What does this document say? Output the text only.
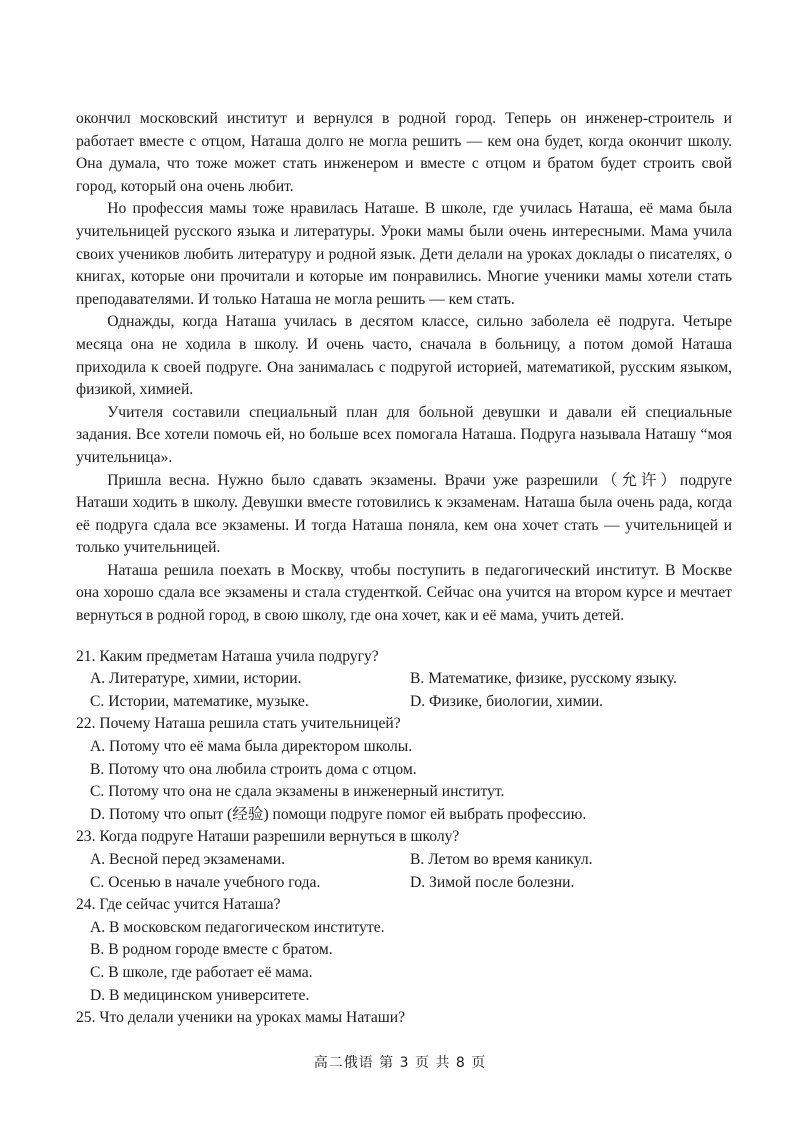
окончил московский институт и вернулся в родной город. Теперь он инженер-строитель и работает вместе с отцом, Наташа долго не могла решить — кем она будет, когда окончит школу. Она думала, что тоже может стать инженером и вместе с отцом и братом будет строить свой город, который она очень любит.

Но профессия мамы тоже нравилась Наташе. В школе, где училась Наташа, её мама была учительницей русского языка и литературы. Уроки мамы были очень интересными. Мама учила своих учеников любить литературу и родной язык. Дети делали на уроках доклады о писателях, о книгах, которые они прочитали и которые им понравились. Многие ученики мамы хотели стать преподавателями. И только Наташа не могла решить — кем стать.

Однажды, когда Наташа училась в десятом классе, сильно заболела её подруга. Четыре месяца она не ходила в школу. И очень часто, сначала в больницу, а потом домой Наташа приходила к своей подруге. Она занималась с подругой историей, математикой, русским языком, физикой, химией.

Учителя составили специальный план для больной девушки и давали ей специальные задания. Все хотели помочь ей, но больше всех помогала Наташа. Подруга называла Наташу “моя учительница».

Пришла весна. Нужно было сдавать экзамены. Врачи уже разрешили（允许）подруге Наташи ходить в школу. Девушки вместе готовились к экзаменам. Наташа была очень рада, когда её подруга сдала все экзамены. И тогда Наташа поняла, кем она хочет стать — учительницей и только учительницей.

Наташа решила поехать в Москву, чтобы поступить в педагогический институт. В Москве она хорошо сдала все экзамены и стала студенткой. Сейчас она учится на втором курсе и мечтает вернуться в родной город, в свою школу, где она хочет, как и её мама, учить детей.

21. Каким предметам Наташа учила подругу?

A. Литературе, химии, истории.	B. Математике, физике, русскому языку.
C. Истории, математике, музыке.	D. Физике, биологии, химии.

22. Почему Наташа решила стать учительницей?

A. Потому что её мама была директором школы.
B. Потому что она любила строить дома с отцом.
C. Потому что она не сдала экзамены в инженерный институт.
D. Потому что опыт (经验) помощи подруге помог ей выбрать профессию.

23. Когда подруге Наташи разрешили вернуться в школу?

A. Весной перед экзаменами.	B. Летом во время каникул.
C. Осенью в начале учебного года.	D. Зимой после болезни.

24. Где сейчас учится Наташа?

A. В московском педагогическом институте.
B. В родном городе вместе с братом.
C. В школе, где работает её мама.
D. В медицинском университете.

25. Что делали ученики на уроках мамы Наташи?

高二俄语 第 3 页 共 8 页
